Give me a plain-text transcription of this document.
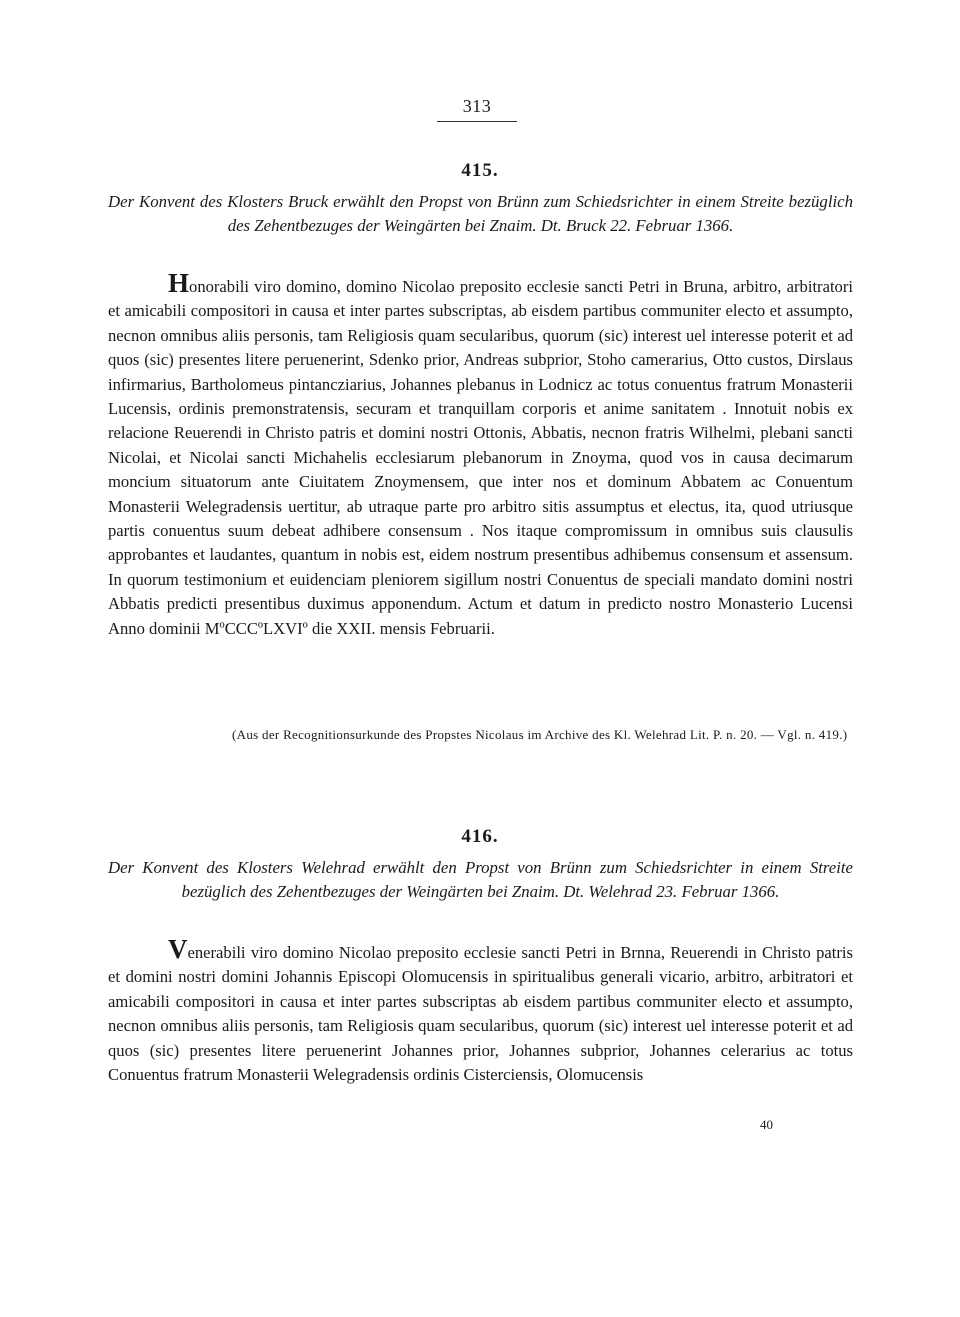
313
415.
Der Konvent des Klosters Bruck erwählt den Propst von Brünn zum Schiedsrichter in einem Streite bezüglich des Zehentbezuges der Weingärten bei Znaim. Dt. Bruck 22. Februar 1366.

Honorabili viro domino, domino Nicolao preposito ecclesie sancti Petri in Bruna, arbitro, arbitratori et amicabili compositori in causa et inter partes subscriptas, ab eisdem partibus communiter electo et assumpto, necnon omnibus aliis personis, tam Religiosis quam secularibus, quorum (sic) interest uel interesse poterit et ad quos (sic) presentes litere peruenerint, Sdenko prior, Andreas subprior, Stoho camerarius, Otto custos, Dirslaus infirmarius, Bartholomeus pintancziarius, Johannes plebanus in Lodnicz ac totus conuentus fratrum Monasterii Lucensis, ordinis premonstratensis, securam et tranquillam corporis et anime sanitatem . Innotuit nobis ex relacione Reuerendi in Christo patris et domini nostri Ottonis, Abbatis, necnon fratris Wilhelmi, plebani sancti Nicolai, et Nicolai sancti Michahelis ecclesiarum plebanorum in Znoyma, quod vos in causa decimarum moncium situatorum ante Ciuitatem Znoymensem, que inter nos et dominum Abbatem ac Conuentum Monasterii Welegradensis uertitur, ab utraque parte pro arbitro sitis assumptus et electus, ita, quod utriusque partis conuentus suum debeat adhibere consensum . Nos itaque compromissum in omnibus suis clausulis approbantes et laudantes, quantum in nobis est, eidem nostrum presentibus adhibemus consensum et assensum. In quorum testimonium et euidenciam pleniorem sigillum nostri Conuentus de speciali mandato domini nostri Abbatis predicti presentibus duximus apponendum. Actum et datum in predicto nostro Monasterio Lucensi Anno dominii MºCCCºLXVIº die XXII. mensis Februarii.

(Aus der Recognitionsurkunde des Propstes Nicolaus im Archive des Kl. Welehrad Lit. P. n. 20. — Vgl. n. 419.)
416.
Der Konvent des Klosters Welehrad erwählt den Propst von Brünn zum Schiedsrichter in einem Streite bezüglich des Zehentbezuges der Weingärten bei Znaim. Dt. Welehrad 23. Februar 1366.

Venerabili viro domino Nicolao preposito ecclesie sancti Petri in Brnna, Reuerendi in Christo patris et domini nostri domini Johannis Episcopi Olomucensis in spiritualibus generali vicario, arbitro, arbitratori et amicabili compositori in causa et inter partes subscriptas ab eisdem partibus communiter electo et assumpto, necnon omnibus aliis personis, tam Religiosis quam secularibus, quorum (sic) interest uel interesse poterit et ad quos (sic) presentes litere peruenerint Johannes prior, Johannes subprior, Johannes celerarius ac totus Conuentus fratrum Monasterii Welegradensis ordinis Cisterciensis, Olomucensis

40
